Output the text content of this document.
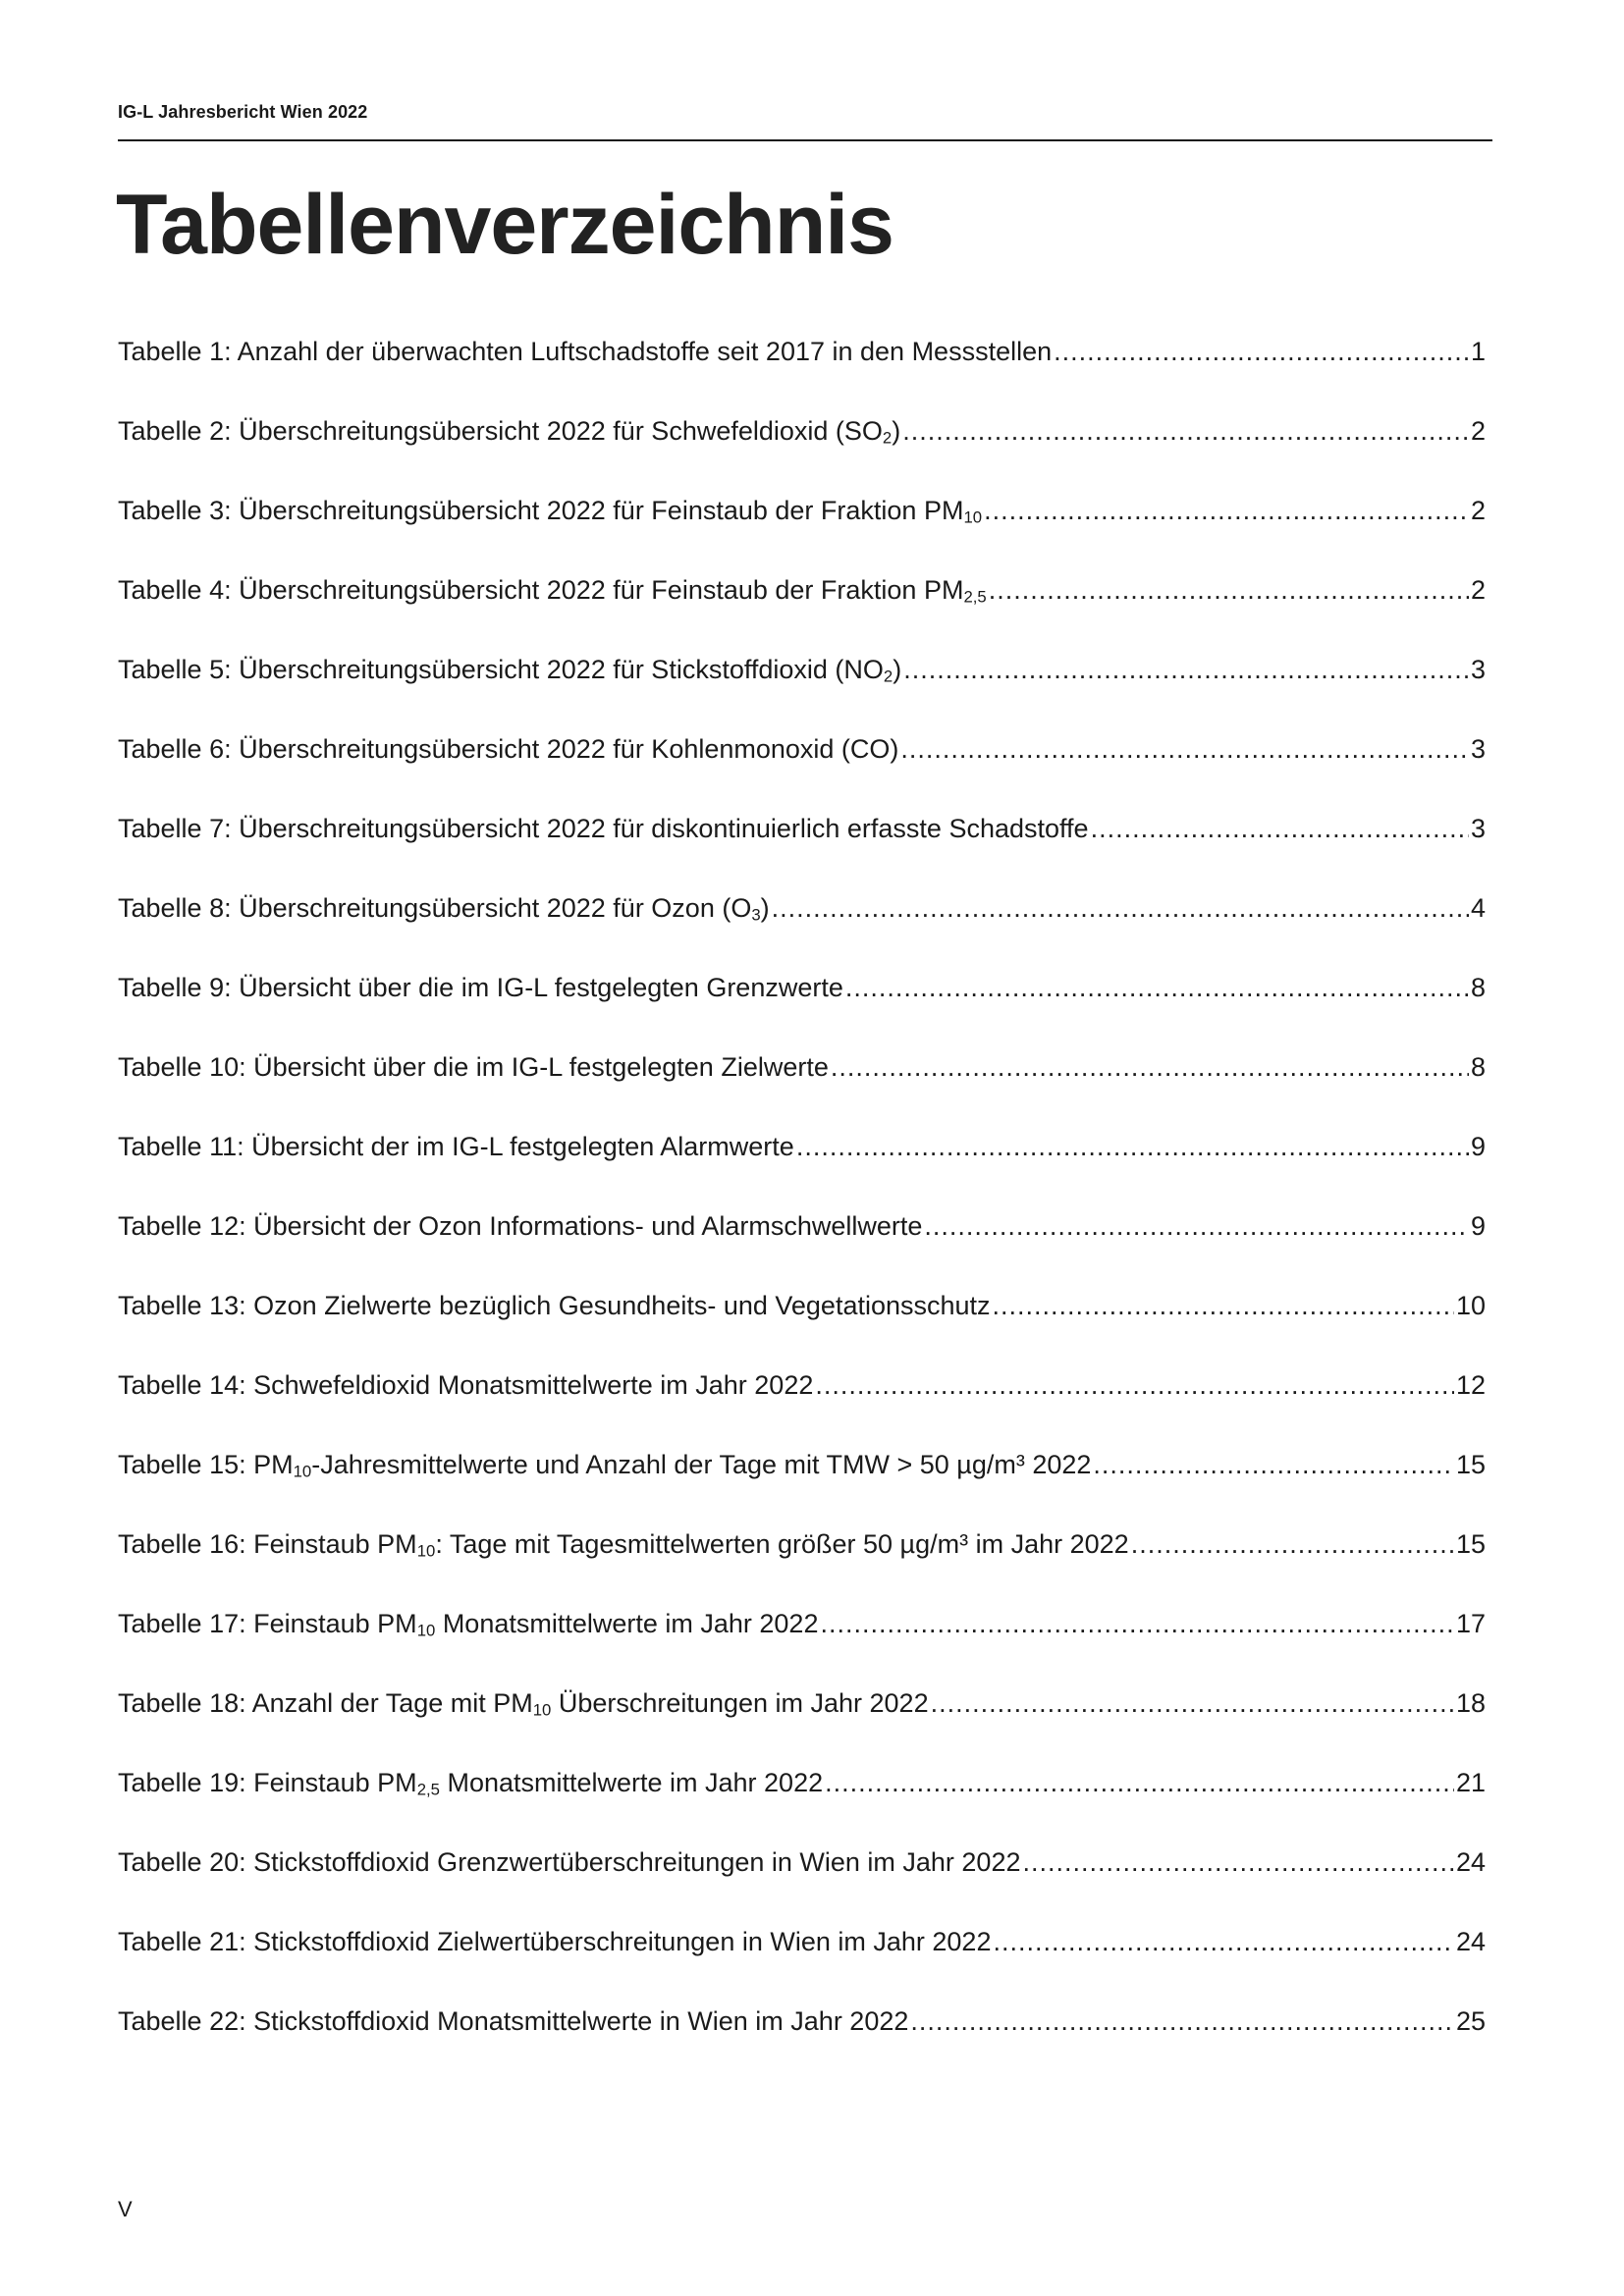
IG-L Jahresbericht Wien 2022
Tabellenverzeichnis
Tabelle 1: Anzahl der überwachten Luftschadstoffe seit 2017 in den Messstellen .....	1
Tabelle 2: Überschreitungsübersicht 2022 für Schwefeldioxid $(SO_2)$ .....	2
Tabelle 3: Überschreitungsübersicht 2022 für Feinstaub der Fraktion $PM_{10}$ .....	2
Tabelle 4: Überschreitungsübersicht 2022 für Feinstaub der Fraktion $PM_{2,5}$ .....	2
Tabelle 5: Überschreitungsübersicht 2022 für Stickstoffdioxid $(NO_2)$ .....	3
Tabelle 6: Überschreitungsübersicht 2022 für Kohlenmonoxid (CO) .....	3
Tabelle 7: Überschreitungsübersicht 2022 für diskontinuierlich erfasste Schadstoffe .....	3
Tabelle 8: Überschreitungsübersicht 2022 für Ozon $(O_3)$ .....	4
Tabelle 9: Übersicht über die im IG-L festgelegten Grenzwerte .....	8
Tabelle 10: Übersicht über die im IG-L festgelegten Zielwerte .....	8
Tabelle 11: Übersicht der im IG-L festgelegten Alarmwerte .....	9
Tabelle 12: Übersicht der Ozon Informations- und Alarmschwellwerte .....	9
Tabelle 13: Ozon Zielwerte bezüglich Gesundheits- und Vegetationsschutz .....	10
Tabelle 14: Schwefeldioxid Monatsmittelwerte im Jahr 2022 .....	12
Tabelle 15: $PM_{10}$-Jahresmittelwerte und Anzahl der Tage mit TMW > 50 µg/m³ 2022 .....	15
Tabelle 16: Feinstaub $PM_{10}$: Tage mit Tagesmittelwerten größer 50 µg/m³ im Jahr 2022 .....	15
Tabelle 17: Feinstaub $PM_{10}$ Monatsmittelwerte im Jahr 2022 .....	17
Tabelle 18: Anzahl der Tage mit $PM_{10}$ Überschreitungen im Jahr 2022 .....	18
Tabelle 19: Feinstaub $PM_{2,5}$ Monatsmittelwerte im Jahr 2022 .....	21
Tabelle 20: Stickstoffdioxid Grenzwertüberschreitungen in Wien im Jahr 2022 .....	24
Tabelle 21: Stickstoffdioxid Zielwertüberschreitungen in Wien im Jahr 2022 .....	24
Tabelle 22: Stickstoffdioxid Monatsmittelwerte in Wien im Jahr 2022 .....	25
V
